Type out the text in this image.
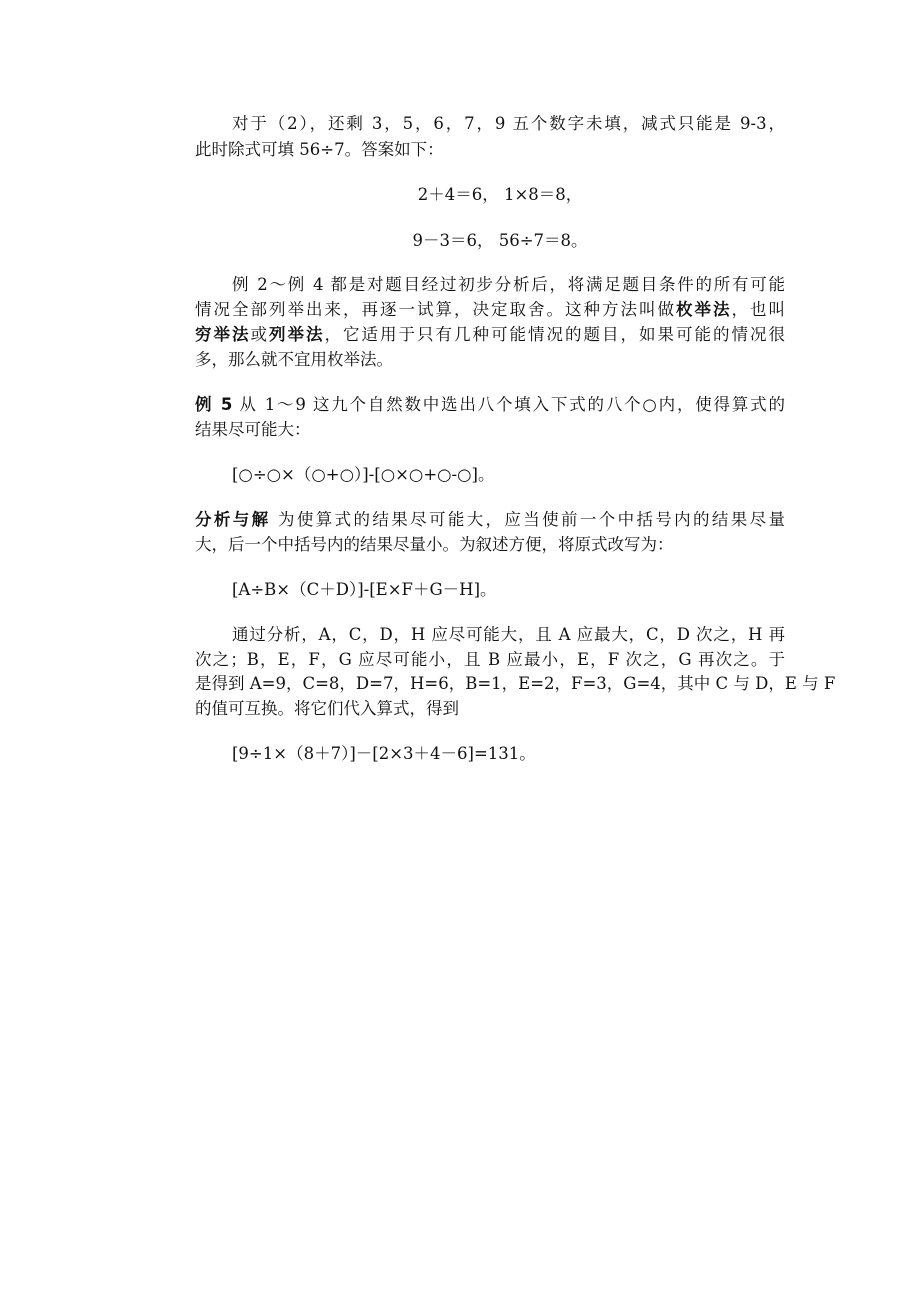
对于（2），还剩 3，5，6，7，9 五个数字未填，减式只能是 9-3，
此时除式可填 56÷7。答案如下：
2＋4＝6， 1×8＝8，
9－3＝6， 56÷7＝8。
例 2～例 4 都是对题目经过初步分析后，将满足题目条件的所有可能
情况全部列举出来，再逐一试算，决定取舍。这种方法叫做枚举法，也叫
穷举法或列举法，它适用于只有几种可能情况的题目，如果可能的情况很
多，那么就不宜用枚举法。
例 5 从 1～9 这九个自然数中选出八个填入下式的八个○内，使得算式的
结果尽可能大：
[○÷○×（○+○）]-[○×○+○-○]。
分析与解 为使算式的结果尽可能大，应当使前一个中括号内的结果尽量
大，后一个中括号内的结果尽量小。为叙述方便，将原式改写为：
[A÷B×（C＋D）]-[E×F＋G－H]。
通过分析，A，C，D，H 应尽可能大，且 A 应最大，C，D 次之，H 再
次之；B，E，F，G 应尽可能小，且 B 应最小，E，F 次之，G 再次之。于
是得到 A=9，C=8，D=7，H=6，B=1，E=2，F=3，G=4，其中 C 与 D，E 与 F
的值可互换。将它们代入算式，得到
[9÷1×（8＋7）]－[2×3＋4－6]=131。
